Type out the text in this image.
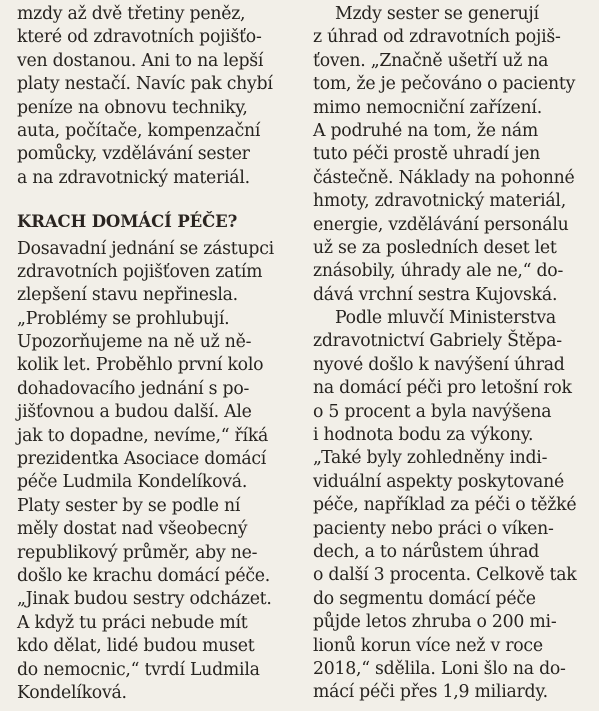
mzdy až dvě třetiny peněz,
které od zdravotních pojišťo-
ven dostanou. Ani to na lepší
platy nestačí. Navíc pak chybí
peníze na obnovu techniky,
auta, počítače, kompenzační
pomůcky, vzdělávání sester
a na zdravotnický materiál.
KRACH DOMÁCÍ PÉČE?
Dosavadní jednání se zástupci
zdravotních pojišťoven zatím
zlepšení stavu nepřinesla.
„Problémy se prohlubují.
Upozorňujeme na ně už ně-
kolik let. Proběhlo první kolo
dohadovacího jednání s po-
jišťovnou a budou další. Ale
jak to dopadne, nevíme,“ říká
prezidentka Asociace domácí
péče Ludmila Kondelíková.
Platy sester by se podle ní
měly dostat nad všeobecný
republikový průměr, aby ne-
došlo ke krachu domácí péče.
„Jinak budou sestry odcházet.
A když tu práci nebude mít
kdo dělat, lidé budou muset
do nemocnic,“ tvrdí Ludmila
Kondelíková.
Mzdy sester se generují
z úhrad od zdravotních pojiš-
ťoven. „Značně ušetří už na
tom, že je pečováno o pacienty
mimo nemocniční zařízení.
A podruhé na tom, že nám
tuto péči prostě uhradí jen
částečně. Náklady na pohonné
hmoty, zdravotnický materiál,
energie, vzdělávání personálu
už se za posledních deset let
znásobily, úhrady ale ne,“ do-
dává vrchní sestra Kujovská.
Podle mluvčí Ministerstva
zdravotnictví Gabriely Štěpa-
nyové došlo k navýšení úhrad
na domácí péči pro letošní rok
o 5 procent a byla navýšena
i hodnota bodu za výkony.
„Také byly zohledněny indi-
viduální aspekty poskytované
péče, například za péči o těžké
pacienty nebo práci o víken-
dech, a to nárůstem úhrad
o další 3 procenta. Celkově tak
do segmentu domácí péče
půjde letos zhruba o 200 mi-
lionů korun více než v roce
2018,“ sdělila. Loni šlo na do-
mácí péči přes 1,9 miliardy.
